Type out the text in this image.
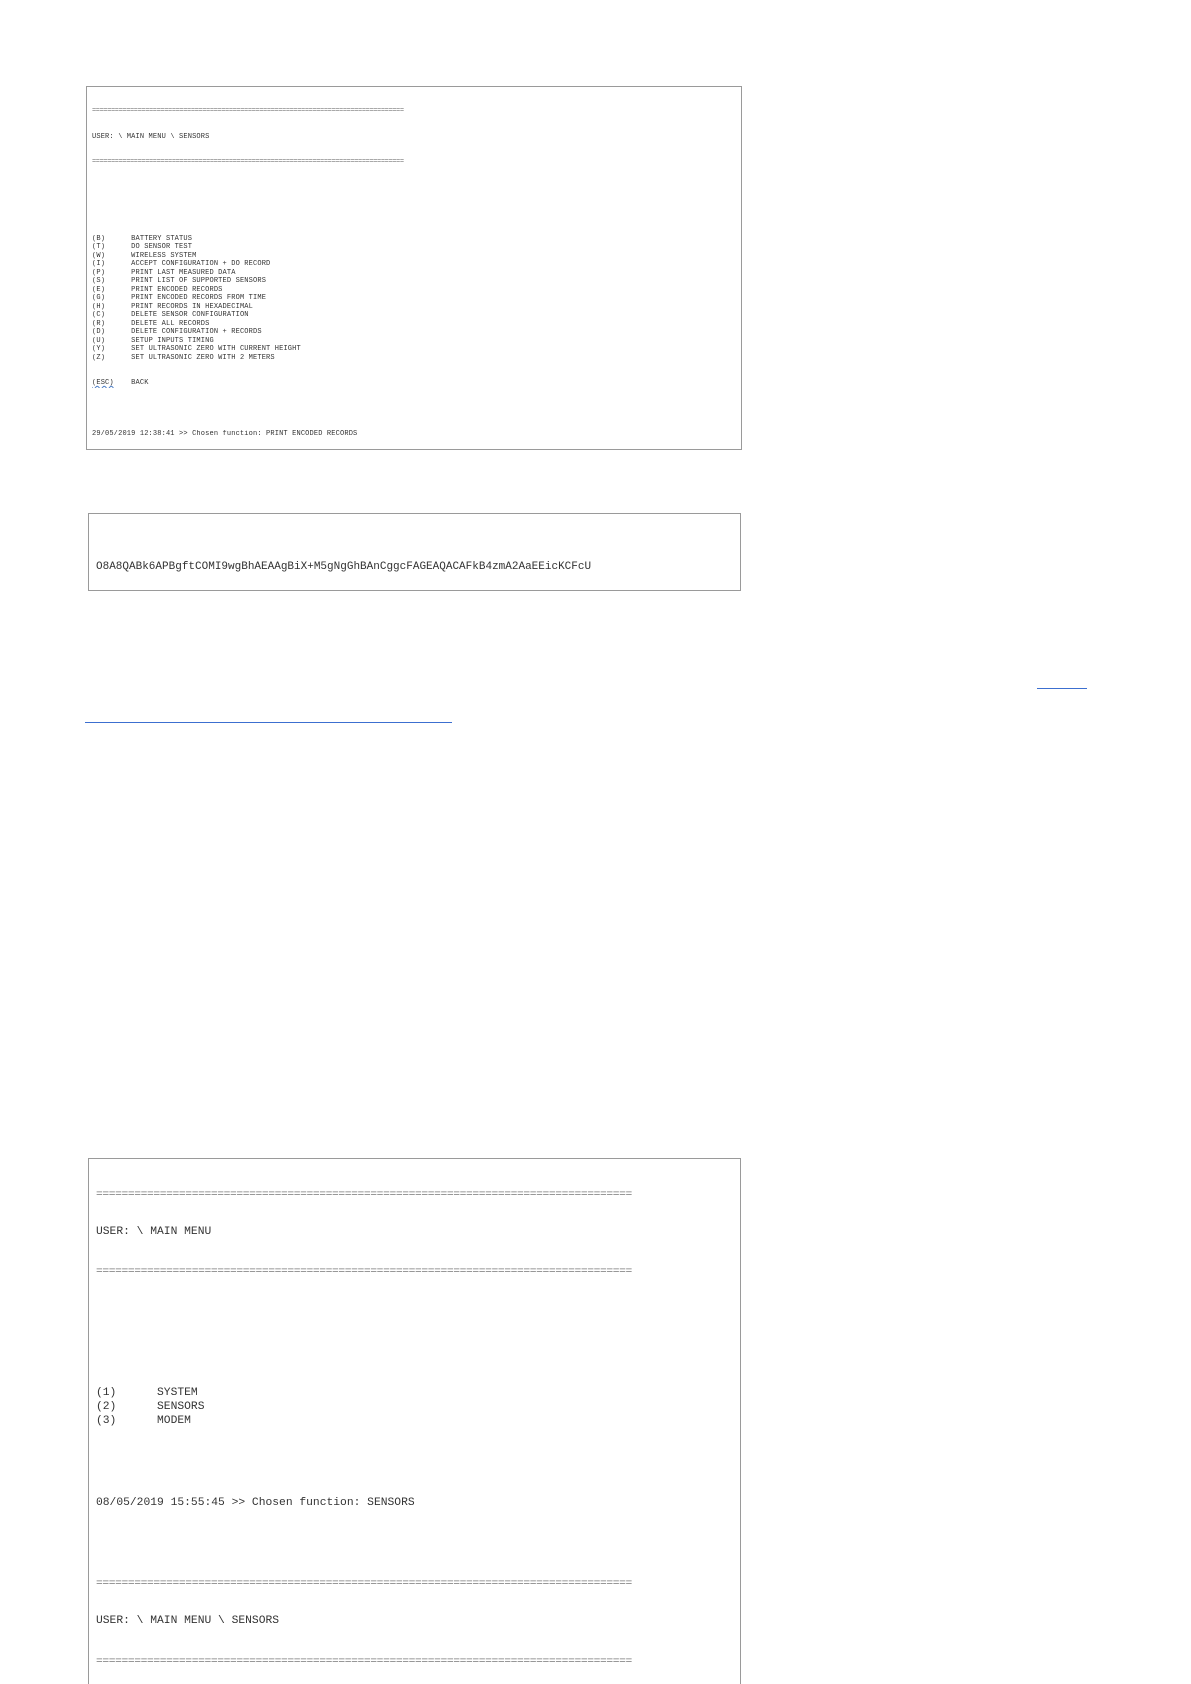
==================================================================================

USER: \ MAIN MENU \ SENSORS

==================================================================================

(B)	BATTERY STATUS
(T)	DO SENSOR TEST
(W)	WIRELESS SYSTEM
(I)	ACCEPT CONFIGURATION + DO RECORD
(P)	PRINT LAST MEASURED DATA
(S)	PRINT LIST OF SUPPORTED SENSORS
(E)	PRINT ENCODED RECORDS
(G)	PRINT ENCODED RECORDS FROM TIME
(H)	PRINT RECORDS IN HEXADECIMAL
(C)	DELETE SENSOR CONFIGURATION
(R)	DELETE ALL RECORDS
(D)	DELETE CONFIGURATION + RECORDS
(U)	SETUP INPUTS TIMING
(Y)	SET ULTRASONIC ZERO WITH CURRENT HEIGHT
(Z)	SET ULTRASONIC ZERO WITH 2 METERS

(ESC) BACK

29/05/2019 12:38:41 >> Chosen function: PRINT ENCODED RECORDS

O8A8QABk6APBgftCOMI9wgBhAEAAgBiX+M5gNgGhBAnCggcFAGEAQACAFkB4zmA2AaEEicKCFcU

====================================================================================

USER: \ MAIN MENU

====================================================================================

(1)	SYSTEM
(2)	SENSORS
(3)	MODEM

08/05/2019 15:55:45 >> Chosen function: SENSORS

====================================================================================

USER: \ MAIN MENU \ SENSORS

====================================================================================
